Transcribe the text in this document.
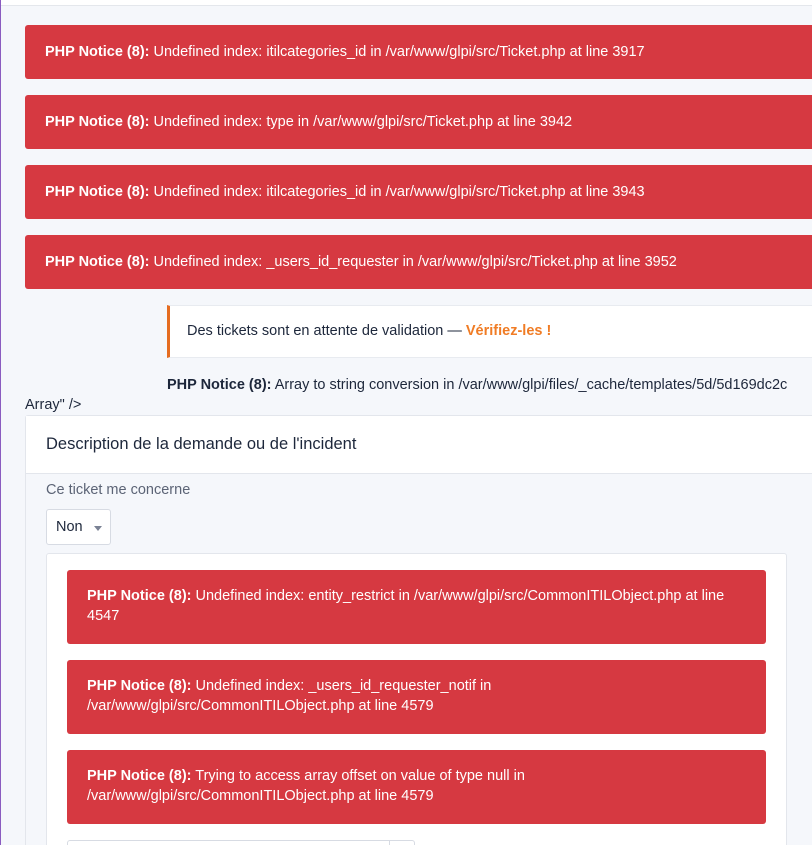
PHP Notice (8): Undefined index: itilcategories_id in /var/www/glpi/src/Ticket.php at line 3917
PHP Notice (8): Undefined index: type in /var/www/glpi/src/Ticket.php at line 3942
PHP Notice (8): Undefined index: itilcategories_id in /var/www/glpi/src/Ticket.php at line 3943
PHP Notice (8): Undefined index: _users_id_requester in /var/www/glpi/src/Ticket.php at line 3952
Des tickets sont en attente de validation — Vérifiez-les !
PHP Notice (8): Array to string conversion in /var/www/glpi/files/_cache/templates/5d/5d169dc2c
Array" />
Description de la demande ou de l'incident
Ce ticket me concerne
Non
PHP Notice (8): Undefined index: entity_restrict in /var/www/glpi/src/CommonITILObject.php at line 4547
PHP Notice (8): Undefined index: _users_id_requester_notif in /var/www/glpi/src/CommonITILObject.php at line 4579
PHP Notice (8): Trying to access array offset on value of type null in /var/www/glpi/src/CommonITILObject.php at line 4579
